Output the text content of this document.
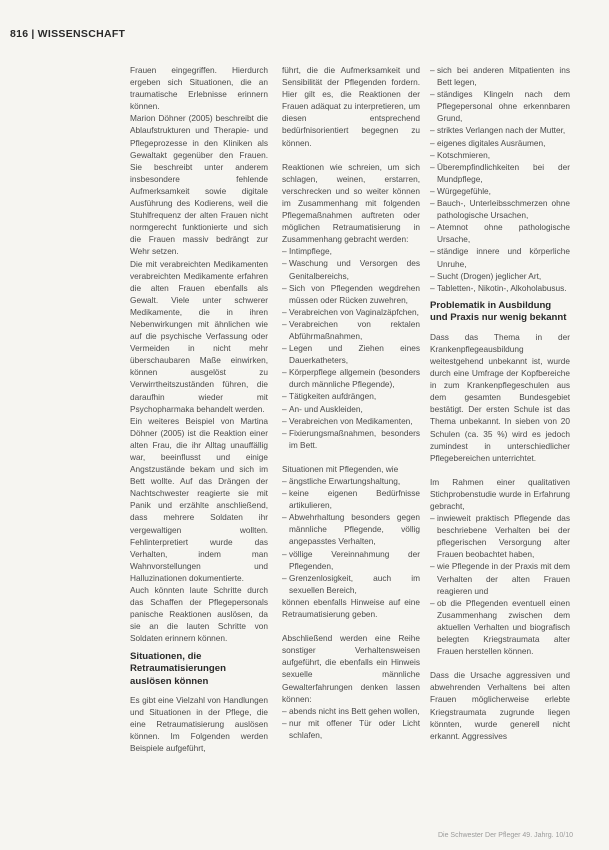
816 | WISSENSCHAFT

Frauen eingegriffen. Hierdurch ergeben sich Situationen, die an traumatische Erlebnisse erinnern können.

Marion Döhner (2005) beschreibt die Ablaufstrukturen und Therapie- und Pflegeprozesse in den Kliniken als Gewaltakt gegenüber den Frauen. Sie beschreibt unter anderem insbesondere fehlende Aufmerksamkeit sowie digitale Ausführung des Kodierens, weil die Stuhlfrequenz der alten Frauen nicht normgerecht funktionierte und sich die Frauen massiv bedrängt zur Wehr setzen.

Die mit verabreichten Medikamenten verabreichten Medikamente erfahren die alten Frauen ebenfalls als Gewalt. Viele unter schwerer Medikamente, die in ihren Nebenwirkungen mit ähnlichen wie auf die psychische Verfassung oder Vermeiden in nicht mehr überschaubaren Maße einwirken, können ausgelöst zu Verwirrtheitszuständen führen, die daraufhin wieder mit Psychopharmaka behandelt werden.

Ein weiteres Beispiel von Martina Döhner (2005) ist die Reaktion einer alten Frau, die ihr Alltag unauffällig war, beeinflusst und einige Angstzustände bekam und sich im Bett wollte. Auf das Drängen der Nachtschwester reagierte sie mit Panik und erzählte anschließend, dass mehrere Soldaten ihr vergewaltigen wollten. Fehlinterpretiert wurde das Verhalten, indem man Wahnvorstellungen und Halluzinationen dokumentierte.

Auch könnten laute Schritte durch das Schaffen der Pflegepersonals panische Reaktionen auslösen, da sie an die lauten Schritte von Soldaten erinnern können.

Situationen, die Retraumatisierungen auslösen können

Es gibt eine Vielzahl von Handlungen und Situationen in der Pflege, die eine Retraumatisierung auslösen können. Im Folgenden werden Beispiele aufgeführt,

führt, die die Aufmerksamkeit und Sensibilität der Pflegenden fordern. Hier gilt es, die Reaktionen der Frauen adäquat zu interpretieren, um diesen entsprechend bedürfnisorientiert begegnen zu können.

Reaktionen wie schreien, um sich schlagen, weinen, erstarren, verschrecken und so weiter können im Zusammenhang mit folgenden Pflegemaßnahmen auftreten oder möglichen Retraumatisierung in Zusammenhang gebracht werden:

– Intimpflege,
– Waschung und Versorgen des Genitalbereichs,
– Sich von Pflegenden wegdrehen müssen oder Rücken zuwehren,
– Verabreichen von Vaginalzäpfchen,
– Verabreichen von rektalen Abführmaßnahmen,
– Legen und Ziehen eines Dauerkatheters,
– Körperpflege allgemein (besonders durch männliche Pflegende),
– Tätigkeiten aufdrängen,
– An- und Auskleiden,
– Verabreichen von Medikamenten,
– Fixierungsmaßnahmen, besonders im Bett.

Situationen mit Pflegenden, wie

– ängstliche Erwartungshaltung,
– keine eigenen Bedürfnisse artikulieren,
– Abwehrhaltung besonders gegen männliche Pflegende, völlig angepasstes Verhalten,
– völlige Vereinnahmung der Pflegenden,
– Grenzenlosigkeit, auch im sexuellen Bereich,

können ebenfalls Hinweise auf eine Retraumatisierung geben.

Abschließend werden eine Reihe sonstiger Verhaltensweisen aufgeführt, die ebenfalls ein Hinweis sexuelle männliche Gewalterfahrungen denken lassen können:

– abends nicht ins Bett gehen wollen,
– nur mit offener Tür oder Licht schlafen,
– sich bei anderen Mitpatienten ins Bett legen,
– ständiges Klingeln nach dem Pflegepersonal ohne erkennbaren Grund,
– striktes Verlangen nach der Mutter,
– eigenes digitales Ausräumen,
– Kotschmieren,
– Überempfindlichkeiten bei der Mundpflege,
– Würgegefühle,
– Bauch-, Unterleibsschmerzen ohne pathologische Ursachen,
– Atemnot ohne pathologische Ursache,
– ständige innere und körperliche Unruhe,
– Sucht (Drogen) jeglicher Art,
– Tabletten-, Nikotin-, Alkoholabusus.
Problematik in Ausbildung und Praxis nur wenig bekannt

Dass das Thema in der Krankenpflegeausbildung weitestgehend unbekannt ist, wurde durch eine Umfrage der Kopfbereiche in zum Krankenpflegeschulen aus dem gesamten Bundesgebiet bestätigt. Der ersten Schule ist das Thema unbekannt. In sieben von 20 Schulen (ca. 35 %) wird es jedoch zumindest in unterschiedlicher Pflegebereichen unterrichtet.

Im Rahmen einer qualitativen Stichprobenstudie wurde in Erfahrung gebracht,

– inwieweit praktisch Pflegende das beschriebene Verhalten bei der pflegerischen Versorgung alter Frauen beobachtet haben,
– wie Pflegende in der Praxis mit dem Verhalten der alten Frauen reagieren und
– ob die Pflegenden eventuell einen Zusammenhang zwischen dem aktuellen Verhalten und biografisch belegten Kriegstraumata alter Frauen herstellen können.

Dass die Ursache aggressiven und abwehrenden Verhaltens bei alten Frauen möglicherweise erlebte Kriegstraumata zugrunde liegen könnten, wurde generell nicht erkannt. Aggressives

Die Schwester Der Pfleger 49. Jahrg. 10/10
